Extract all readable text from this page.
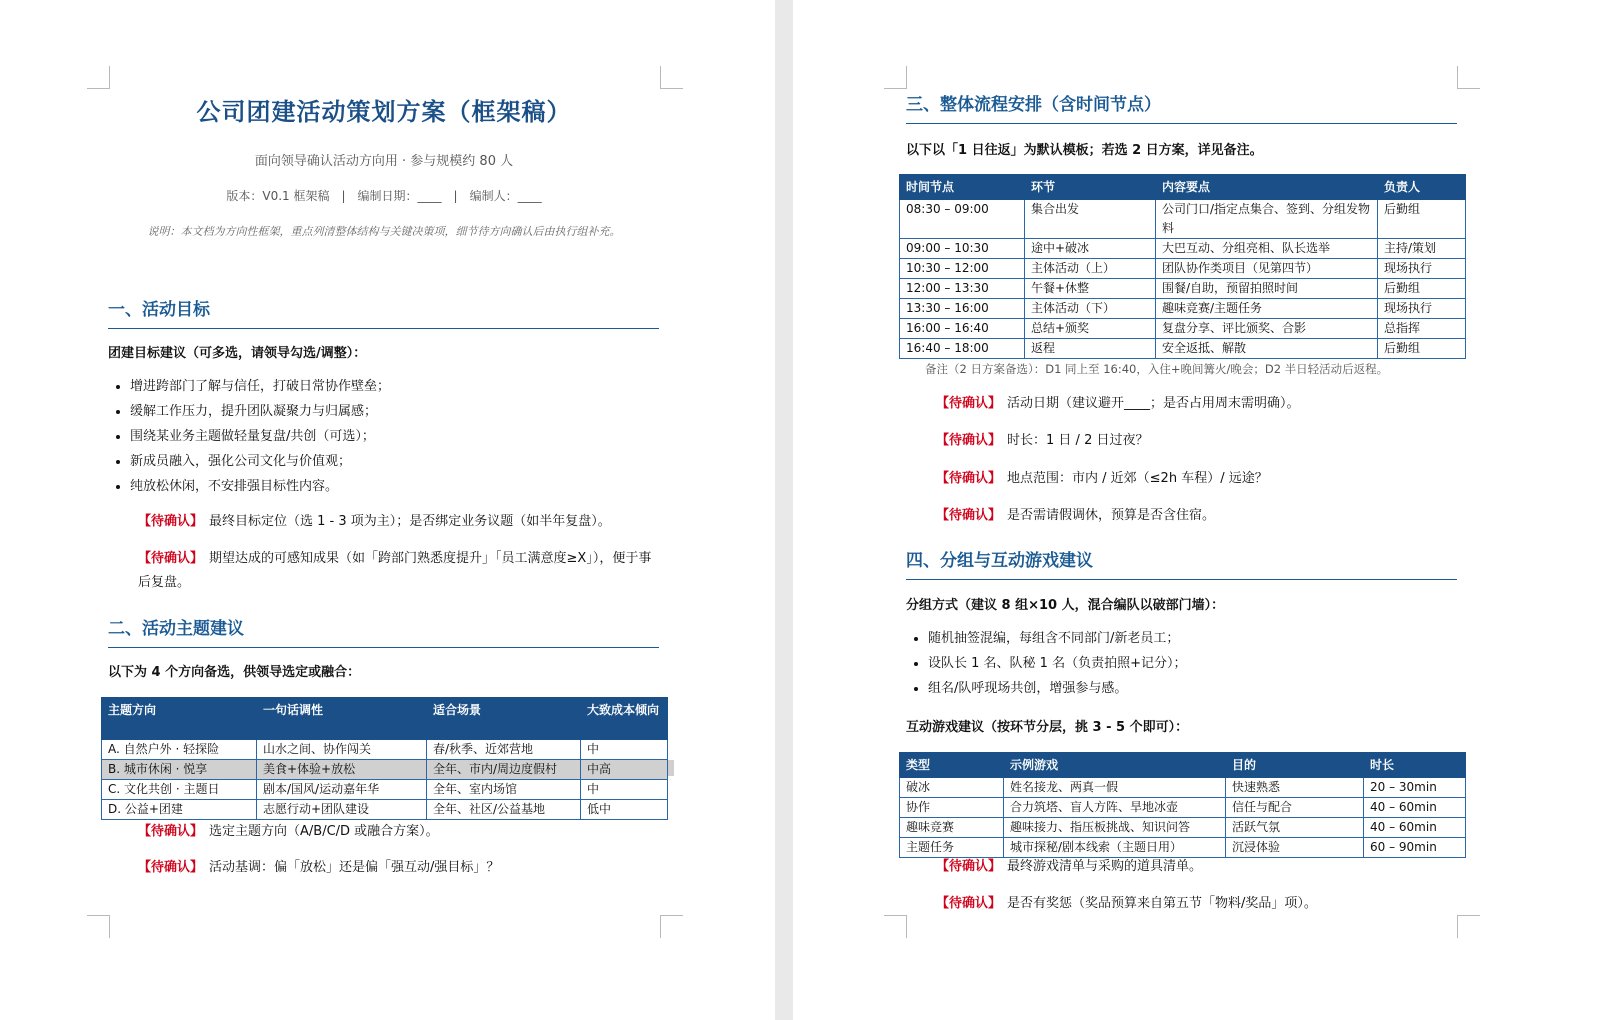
公司团建活动策划方案（框架稿）
面向领导确认活动方向用 · 参与规模约 80 人
版本：V0.1 框架稿　|　编制日期：____　|　编制人：____
说明：本文档为方向性框架，重点列清整体结构与关键决策项，细节待方向确认后由执行组补充。
一、活动目标
团建目标建议（可多选，请领导勾选/调整）：
• 增进跨部门了解与信任，打破日常协作壁垒；
• 缓解工作压力，提升团队凝聚力与归属感；
• 围绕某业务主题做轻量复盘/共创（可选）；
• 新成员融入，强化公司文化与价值观；
• 纯放松休闲，不安排强目标性内容。
【待确认】 最终目标定位（选 1 - 3 项为主）；是否绑定业务议题（如半年复盘）。
【待确认】 期望达成的可感知成果（如「跨部门熟悉度提升」「员工满意度≥X」），便于事后复盘。
二、活动主题建议
以下为 4 个方向备选，供领导选定或融合：
主题方向	一句话调性	适合场景	大致成本倾向
A. 自然户外 · 轻探险	山水之间、协作闯关	春/秋季、近郊营地	中
B. 城市休闲 · 悦享	美食+体验+放松	全年、市内/周边度假村	中高
C. 文化共创 · 主题日	剧本/国风/运动嘉年华	全年、室内场馆	中
D. 公益+团建	志愿行动+团队建设	全年、社区/公益基地	低中
【待确认】 选定主题方向（A/B/C/D 或融合方案）。
【待确认】 活动基调：偏「放松」还是偏「强互动/强目标」？
三、整体流程安排（含时间节点）
以下以「1 日往返」为默认模板；若选 2 日方案，详见备注。
时间节点	环节	内容要点	负责人
08:30 – 09:00	集合出发	公司门口/指定点集合、签到、分组发物料	后勤组
09:00 – 10:30	途中+破冰	大巴互动、分组亮相、队长选举	主持/策划
10:30 – 12:00	主体活动（上）	团队协作类项目（见第四节）	现场执行
12:00 – 13:30	午餐+休整	围餐/自助，预留拍照时间	后勤组
13:30 – 16:00	主体活动（下）	趣味竞赛/主题任务	现场执行
16:00 – 16:40	总结+颁奖	复盘分享、评比颁奖、合影	总指挥
16:40 – 18:00	返程	安全返抵、解散	后勤组
备注（2 日方案备选）：D1 同上至 16:40，入住+晚间篝火/晚会；D2 半日轻活动后返程。
【待确认】 活动日期（建议避开____；是否占用周末需明确）。
【待确认】 时长：1 日 / 2 日过夜？
【待确认】 地点范围：市内 / 近郊（≤2h 车程）/ 远途？
【待确认】 是否需请假调休，预算是否含住宿。
四、分组与互动游戏建议
分组方式（建议 8 组×10 人，混合编队以破部门墙）：
• 随机抽签混编，每组含不同部门/新老员工；
• 设队长 1 名、队秘 1 名（负责拍照+记分）；
• 组名/队呼现场共创，增强参与感。
互动游戏建议（按环节分层，挑 3 - 5 个即可）：
类型	示例游戏	目的	时长
破冰	姓名接龙、两真一假	快速熟悉	20 – 30min
协作	合力筑塔、盲人方阵、旱地冰壶	信任与配合	40 – 60min
趣味竞赛	趣味接力、指压板挑战、知识问答	活跃气氛	40 – 60min
主题任务	城市探秘/剧本线索（主题日用）	沉浸体验	60 – 90min
【待确认】 最终游戏清单与采购的道具清单。
【待确认】 是否有奖惩（奖品预算来自第五节「物料/奖品」项）。
